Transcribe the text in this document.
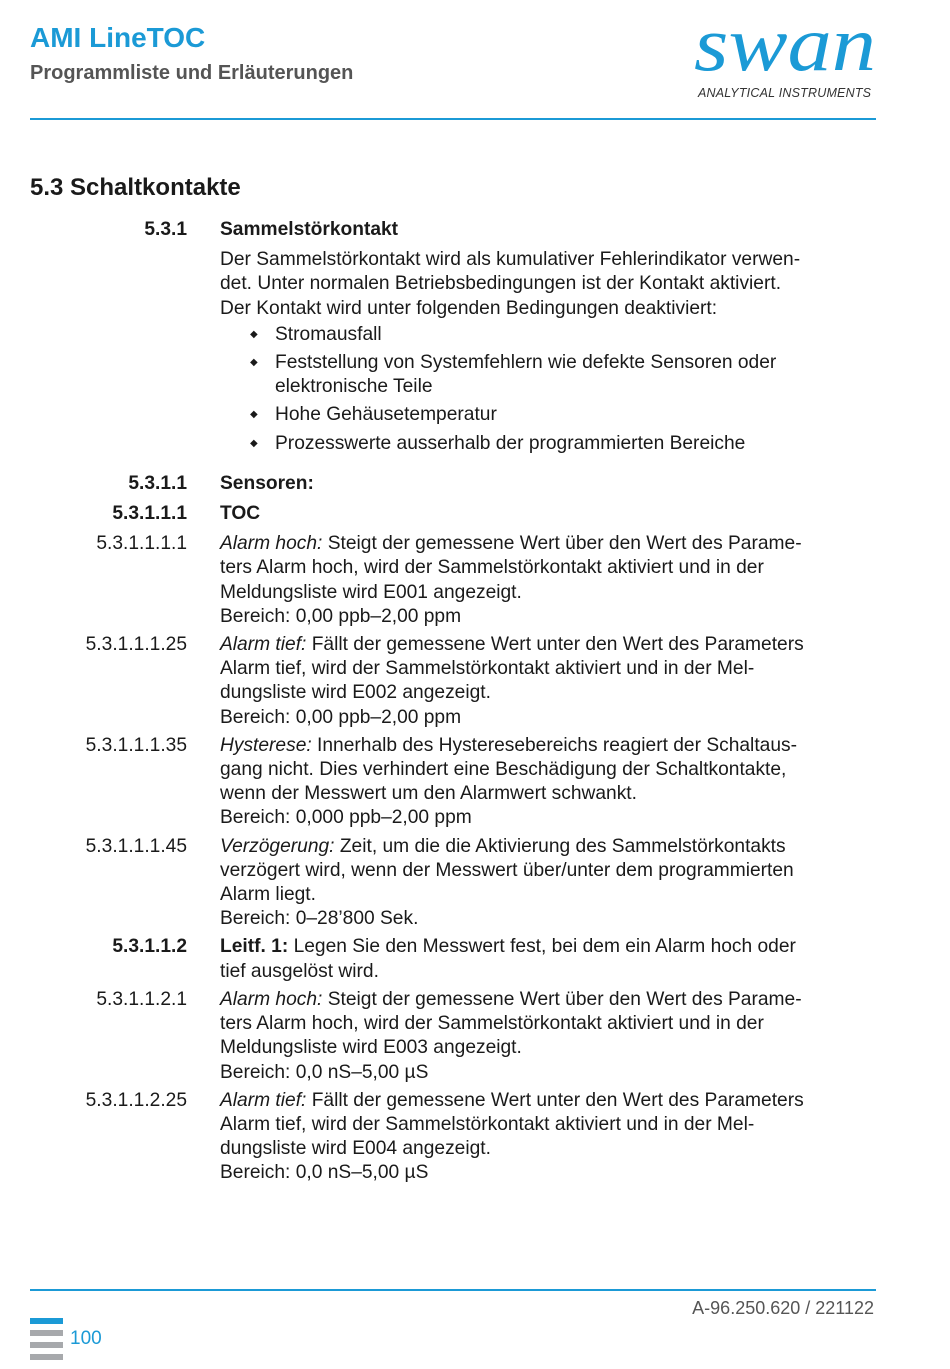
AMI LineTOC
Programmliste und Erläuterungen	swan
ANALYTICAL INSTRUMENTS
5.3 Schaltkontakte
5.3.1 Sammelstörkontakt
Der Sammelstörkontakt wird als kumulativer Fehlerindikator verwen-
det. Unter normalen Betriebsbedingungen ist der Kontakt aktiviert.
Der Kontakt wird unter folgenden Bedingungen deaktiviert:
◆ Stromausfall
◆ Feststellung von Systemfehlern wie defekte Sensoren oder
elektronische Teile
◆ Hohe Gehäusetemperatur
◆ Prozesswerte ausserhalb der programmierten Bereiche
5.3.1.1 Sensoren:
5.3.1.1.1 TOC
5.3.1.1.1.1 Alarm hoch: Steigt der gemessene Wert über den Wert des Parame-
ters Alarm hoch, wird der Sammelstörkontakt aktiviert und in der
Meldungsliste wird E001 angezeigt.
Bereich: 0,00 ppb–2,00 ppm
5.3.1.1.1.25 Alarm tief: Fällt der gemessene Wert unter den Wert des Parameters
Alarm tief, wird der Sammelstörkontakt aktiviert und in der Mel-
dungsliste wird E002 angezeigt.
Bereich: 0,00 ppb–2,00 ppm
5.3.1.1.1.35 Hysterese: Innerhalb des Hysteresebereichs reagiert der Schaltaus-
gang nicht. Dies verhindert eine Beschädigung der Schaltkontakte,
wenn der Messwert um den Alarmwert schwankt.
Bereich: 0,000 ppb–2,00 ppm
5.3.1.1.1.45 Verzögerung: Zeit, um die die Aktivierung des Sammelstörkontakts
verzögert wird, wenn der Messwert über/unter dem programmierten
Alarm liegt.
Bereich: 0–28’800 Sek.
5.3.1.1.2 Leitf. 1: Legen Sie den Messwert fest, bei dem ein Alarm hoch oder
tief ausgelöst wird.
5.3.1.1.2.1 Alarm hoch: Steigt der gemessene Wert über den Wert des Parame-
ters Alarm hoch, wird der Sammelstörkontakt aktiviert und in der
Meldungsliste wird E003 angezeigt.
Bereich: 0,0 nS–5,00 µS
5.3.1.1.2.25 Alarm tief: Fällt der gemessene Wert unter den Wert des Parameters
Alarm tief, wird der Sammelstörkontakt aktiviert und in der Mel-
dungsliste wird E004 angezeigt.
Bereich: 0,0 nS–5,00 µS
A-96.250.620 / 221122
100
